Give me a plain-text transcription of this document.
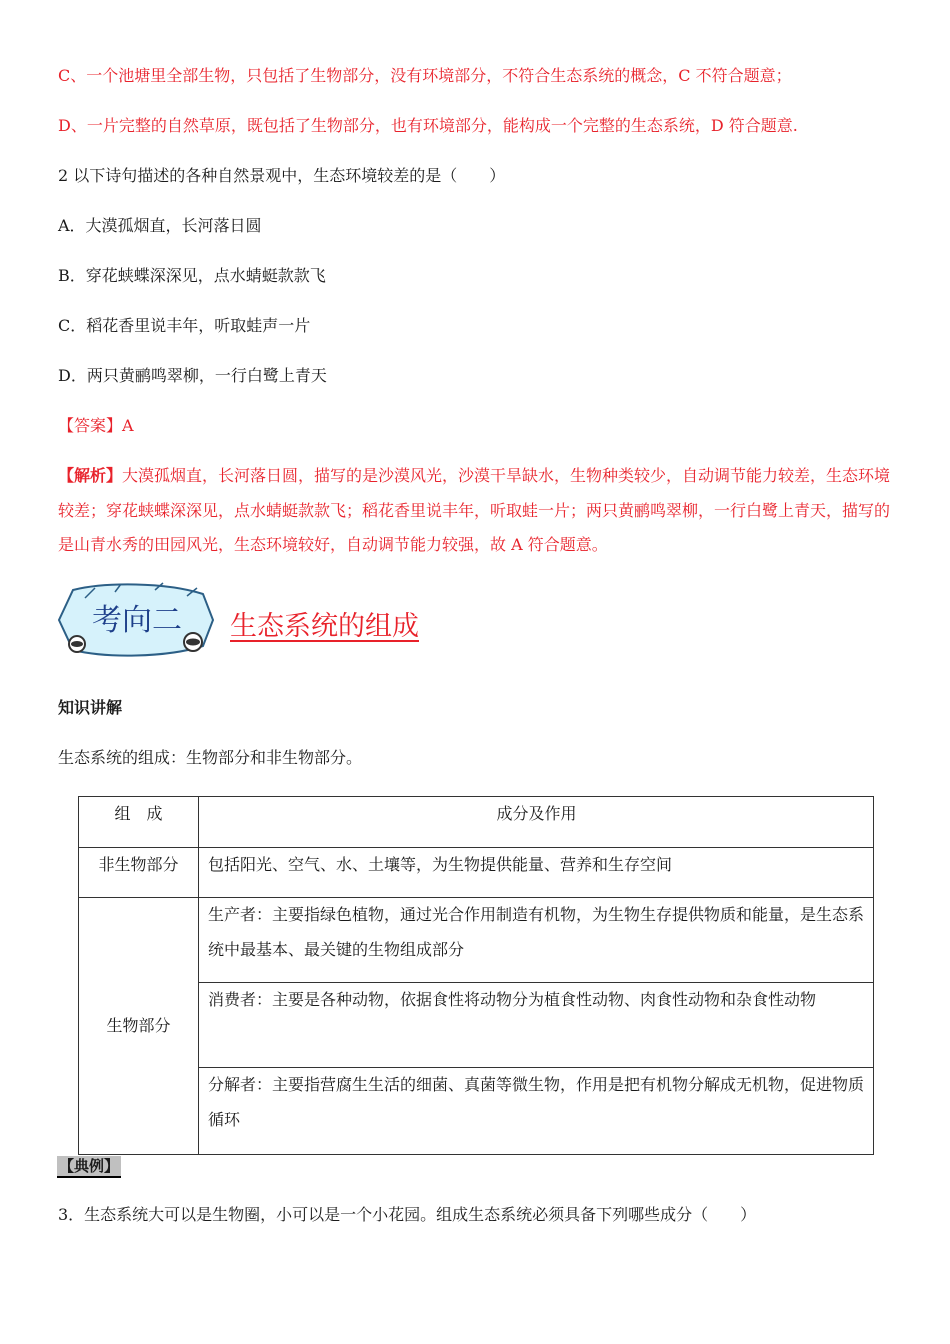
C、一个池塘里全部生物，只包括了生物部分，没有环境部分，不符合生态系统的概念，C 不符合题意；
D、一片完整的自然草原，既包括了生物部分，也有环境部分，能构成一个完整的生态系统，D 符合题意.
2 以下诗句描述的各种自然景观中，生态环境较差的是（　　）
A．大漠孤烟直，长河落日圆
B．穿花蛱蝶深深见，点水蜻蜓款款飞
C．稻花香里说丰年，听取蛙声一片
D．两只黄鹂鸣翠柳，一行白鹭上青天
【答案】A
【解析】大漠孤烟直，长河落日圆，描写的是沙漠风光，沙漠干旱缺水，生物种类较少，自动调节能力较差，生态环境较差；穿花蛱蝶深深见，点水蜻蜓款款飞；稻花香里说丰年，听取蛙一片；两只黄鹂鸣翠柳，一行白鹭上青天，描写的是山青水秀的田园风光，生态环境较好，自动调节能力较强，故 A 符合题意。
考向二 生态系统的组成
知识讲解
生态系统的组成：生物部分和非生物部分。
组　成	成分及作用
非生物部分	包括阳光、空气、水、土壤等，为生物提供能量、营养和生存空间
生物部分	生产者：主要指绿色植物，通过光合作用制造有机物，为生物生存提供物质和能量，是生态系统中最基本、最关键的生物组成部分
	消费者：主要是各种动物，依据食性将动物分为植食性动物、肉食性动物和杂食性动物
	分解者：主要指营腐生生活的细菌、真菌等微生物，作用是把有机物分解成无机物，促进物质循环
【典例】
3．生态系统大可以是生物圈，小可以是一个小花园。组成生态系统必须具备下列哪些成分（　　）
